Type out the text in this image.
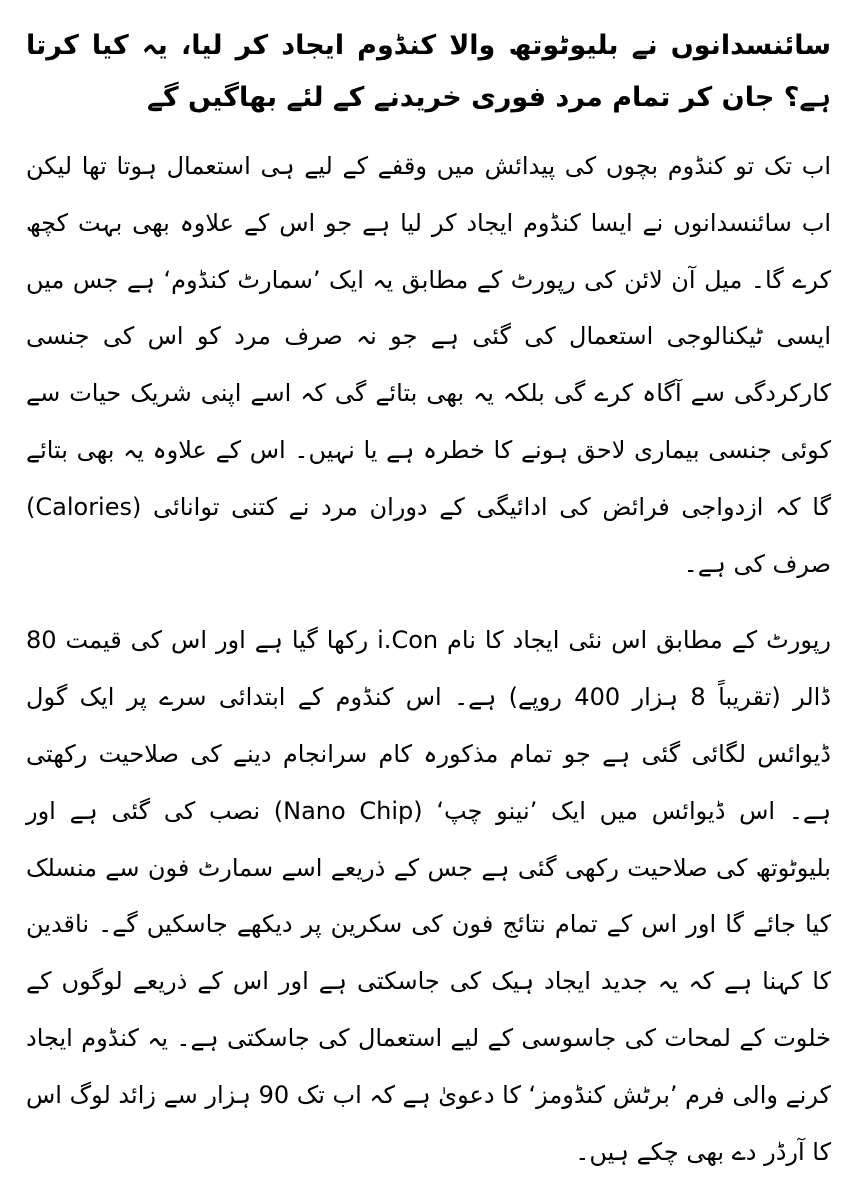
سائنسدانوں نے بلیوٹوتھ والا کنڈوم ایجاد کر لیا، یہ کیا کرتا ہے؟ جان کر تمام مرد فوری خریدنے کے لئے بھاگیں گے

اب تک تو کنڈوم بچوں کی پیدائش میں وقفے کے لیے ہی استعمال ہوتا تھا لیکن اب سائنسدانوں نے ایسا کنڈوم ایجاد کر لیا ہے جو اس کے علاوہ بھی بہت کچھ کرے گا۔ میل آن لائن کی رپورٹ کے مطابق یہ ایک ’سمارٹ کنڈوم‘ ہے جس میں ایسی ٹیکنالوجی استعمال کی گئی ہے جو نہ صرف مرد کو اس کی جنسی کارکردگی سے آگاہ کرے گی بلکہ یہ بھی بتائے گی کہ اسے اپنی شریک حیات سے کوئی جنسی بیماری لاحق ہونے کا خطرہ ہے یا نہیں۔ اس کے علاوہ یہ بھی بتائے گا کہ ازدواجی فرائض کی ادائیگی کے دوران مرد نے کتنی توانائی (Calories) صرف کی ہے۔

رپورٹ کے مطابق اس نئی ایجاد کا نام i.Con رکھا گیا ہے اور اس کی قیمت 80 ڈالر (تقریباً 8 ہزار 400 روپے) ہے۔ اس کنڈوم کے ابتدائی سرے پر ایک گول ڈیوائس لگائی گئی ہے جو تمام مذکورہ کام سرانجام دینے کی صلاحیت رکھتی ہے۔ اس ڈیوائس میں ایک ’نینو چپ‘ (Nano Chip) نصب کی گئی ہے اور بلیوٹوتھ کی صلاحیت رکھی گئی ہے جس کے ذریعے اسے سمارٹ فون سے منسلک کیا جائے گا اور اس کے تمام نتائج فون کی سکرین پر دیکھے جاسکیں گے۔ ناقدین کا کہنا ہے کہ یہ جدید ایجاد ہیک کی جاسکتی ہے اور اس کے ذریعے لوگوں کے خلوت کے لمحات کی جاسوسی کے لیے استعمال کی جاسکتی ہے۔ یہ کنڈوم ایجاد کرنے والی فرم ’برٹش کنڈومز‘ کا دعویٰ ہے کہ اب تک 90 ہزار سے زائد لوگ اس کا آرڈر دے بھی چکے ہیں۔
